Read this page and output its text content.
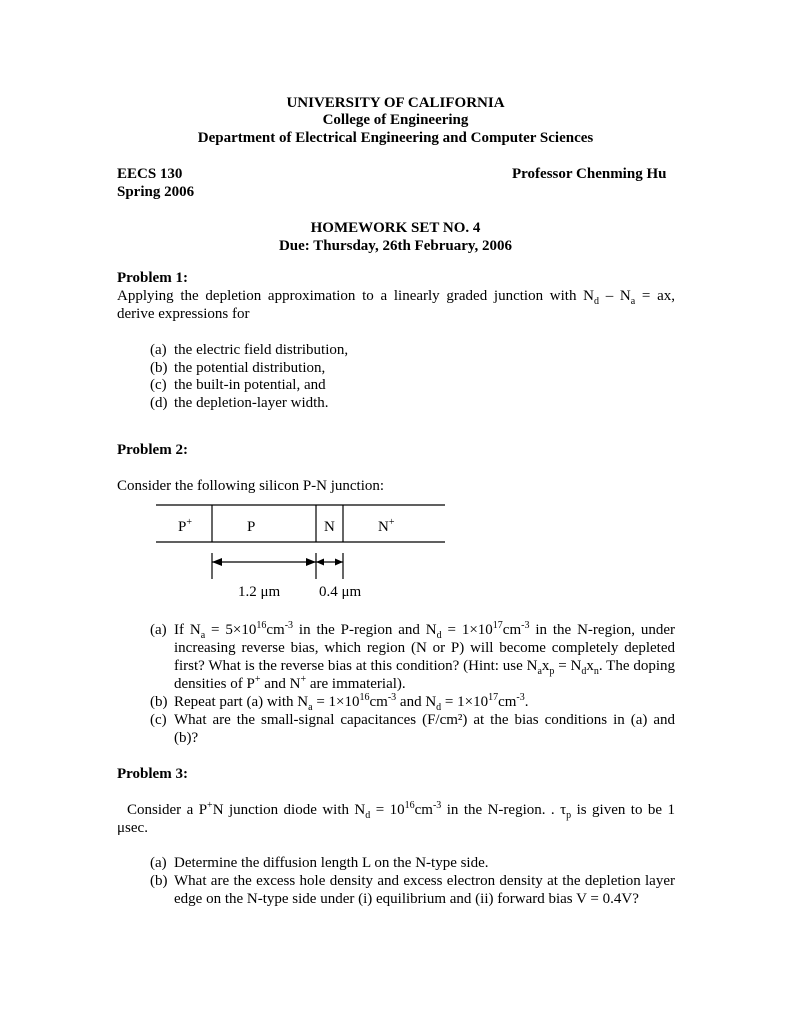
UNIVERSITY OF CALIFORNIA
College of Engineering
Department of Electrical Engineering and Computer Sciences
EECS 130
Spring 2006
Professor Chenming Hu
HOMEWORK SET NO. 4
Due: Thursday, 26th February, 2006
Problem 1:
Applying the depletion approximation to a linearly graded junction with $N_d - N_a$ = ax,
derive expressions for
(a) the electric field distribution,
(b) the potential distribution,
(c) the built-in potential, and
(d) the depletion-layer width.
Problem 2:
Consider the following silicon P-N junction:
P+	P	N	N+
1.2 μm	0.4 μm
(a) If $N_a = 5\times 10^{16}cm^{-3}$ in the P-region and $N_d = 1\times 10^{17}cm^{-3}$ in the N-region, under increasing reverse bias, which region (N or P) will become completely depleted first? What is the reverse bias at this condition? (Hint: use $N_ax_p = N_dx_n$. The doping densities of P+ and N+ are immaterial).
(b) Repeat part (a) with $N_a = 1\times 10^{16}cm^{-3}$ and $N_d = 1\times 10^{17}cm^{-3}$.
(c) What are the small-signal capacitances (F/cm²) at the bias conditions in (a) and (b)?
Problem 3:
Consider a P+N junction diode with $N_d = 10^{16}cm^{-3}$ in the N-region. . $\tau_p$ is given to be 1
μsec.
(a) Determine the diffusion length L on the N-type side.
(b) What are the excess hole density and excess electron density at the depletion layer edge on the N-type side under (i) equilibrium and (ii) forward bias V = 0.4V?
